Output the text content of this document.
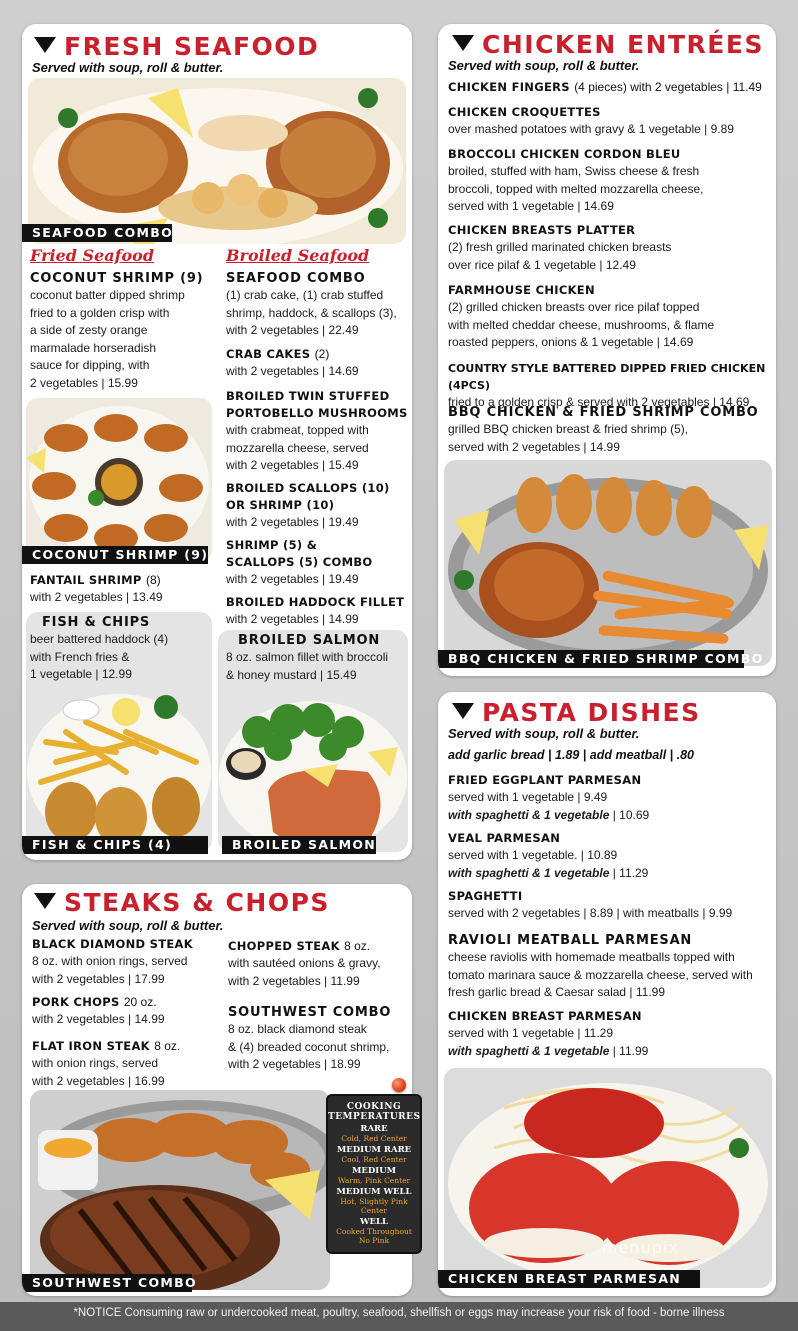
FRESH SEAFOOD
Served with soup, roll & butter.
SEAFOOD COMBO
Fried Seafood	Broiled Seafood
COCONUT SHRIMP (9)
coconut batter dipped shrimp
fried to a golden crisp with
a side of zesty orange
marmalade horseradish
sauce for dipping, with
2 vegetables | 15.99
COCONUT SHRIMP (9)
FANTAIL SHRIMP (8)
with 2 vegetables | 13.49
FISH & CHIPS
beer battered haddock (4)
with French fries &
1 vegetable | 12.99
FISH & CHIPS (4)
SEAFOOD COMBO
(1) crab cake, (1) crab stuffed
shrimp, haddock, & scallops (3),
with 2 vegetables | 22.49
CRAB CAKES (2)
with 2 vegetables | 14.69
BROILED TWIN STUFFED
PORTOBELLO MUSHROOMS
with crabmeat, topped with
mozzarella cheese, served
with 2 vegetables | 15.49
BROILED SCALLOPS (10)
OR SHRIMP (10)
with 2 vegetables | 19.49
SHRIMP (5) &
SCALLOPS (5) COMBO
with 2 vegetables | 19.49
BROILED HADDOCK FILLET
with 2 vegetables | 14.99
BROILED SALMON
8 oz. salmon fillet with broccoli
& honey mustard | 15.49
BROILED SALMON
CHICKEN ENTRÉES
Served with soup, roll & butter.
CHICKEN FINGERS (4 pieces) with 2 vegetables | 11.49
CHICKEN CROQUETTES
over mashed potatoes with gravy & 1 vegetable | 9.89
BROCCOLI CHICKEN CORDON BLEU
broiled, stuffed with ham, Swiss cheese & fresh
broccoli, topped with melted mozzarella cheese,
served with 1 vegetable | 14.69
CHICKEN BREASTS PLATTER
(2) fresh grilled marinated chicken breasts
over rice pilaf & 1 vegetable | 12.49
FARMHOUSE CHICKEN
(2) grilled chicken breasts over rice pilaf topped
with melted cheddar cheese, mushrooms, & flame
roasted peppers, onions & 1 vegetable | 14.69
COUNTRY STYLE BATTERED DIPPED FRIED CHICKEN (4PCS)
fried to a golden crisp & served with 2 vegetables | 14.69
BBQ CHICKEN & FRIED SHRIMP COMBO
grilled BBQ chicken breast & fried shrimp (5),
served with 2 vegetables | 14.99
BBQ CHICKEN & FRIED SHRIMP COMBO
PASTA DISHES
Served with soup, roll & butter.
add garlic bread | 1.89 | add meatball | .80
FRIED EGGPLANT PARMESAN
served with 1 vegetable | 9.49
with spaghetti & 1 vegetable | 10.69
VEAL PARMESAN
served with 1 vegetable. | 10.89
with spaghetti & 1 vegetable | 11.29
SPAGHETTI
served with 2 vegetables | 8.89 | with meatballs | 9.99
RAVIOLI MEATBALL PARMESAN
cheese raviolis with homemade meatballs topped with
tomato marinara sauce & mozzarella cheese, served with
fresh garlic bread & Caesar salad | 11.99
CHICKEN BREAST PARMESAN
served with 1 vegetable | 11.29
with spaghetti & 1 vegetable | 11.99
menupix
CHICKEN BREAST PARMESAN
STEAKS & CHOPS
Served with soup, roll & butter.
BLACK DIAMOND STEAK
8 oz. with onion rings, served
with 2 vegetables | 17.99
PORK CHOPS 20 oz.
with 2 vegetables | 14.99
FLAT IRON STEAK 8 oz.
with onion rings, served
with 2 vegetables | 16.99
CHOPPED STEAK 8 oz.
with sautéed onions & gravy,
with 2 vegetables | 11.99
SOUTHWEST COMBO
8 oz. black diamond steak
& (4) breaded coconut shrimp,
with 2 vegetables | 18.99
SOUTHWEST COMBO
COOKING
TEMPERATURES
RARE
Cold, Red Center
MEDIUM RARE
Cool, Red Center
MEDIUM
Warm, Pink Center
MEDIUM WELL
Hot, Slightly Pink Center
WELL
Cooked Throughout
No Pink
*NOTICE Consuming raw or undercooked meat, poultry, seafood, shellfish or eggs may increase your risk of food - borne illness
